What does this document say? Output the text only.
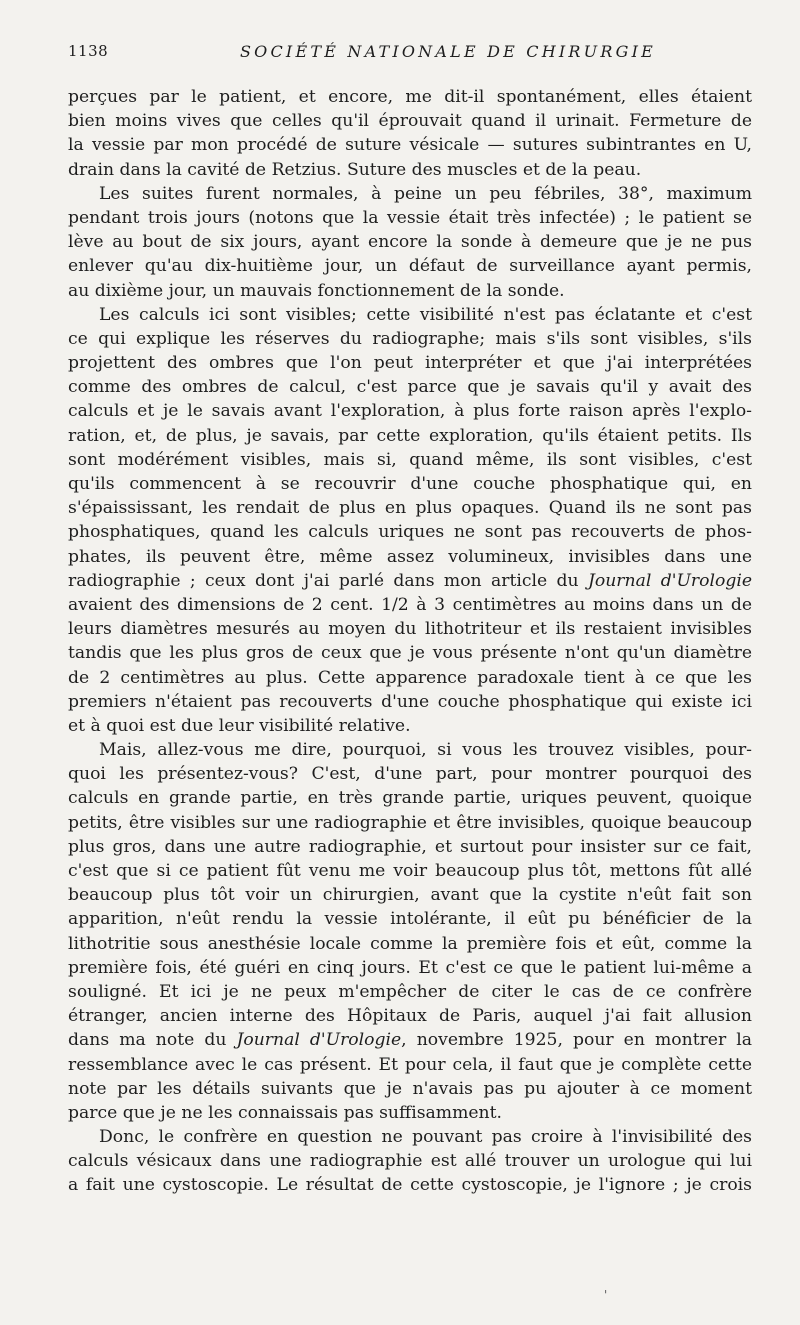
1138	SOCIÉTÉ NATIONALE DE CHIRURGIE
perçues par le patient, et encore, me dit-il spontanément, elles étaient
bien moins vives que celles qu'il éprouvait quand il urinait. Fermeture de
la vessie par mon procédé de suture vésicale — sutures subintrantes en U,
drain dans la cavité de Retzius. Suture des muscles et de la peau.
Les suites furent normales, à peine un peu fébriles, 38°, maximum
pendant trois jours (notons que la vessie était très infectée) ; le patient se
lève au bout de six jours, ayant encore la sonde à demeure que je ne pus
enlever qu'au dix-huitième jour, un défaut de surveillance ayant permis,
au dixième jour, un mauvais fonctionnement de la sonde.
Les calculs ici sont visibles; cette visibilité n'est pas éclatante et c'est
ce qui explique les réserves du radiographe; mais s'ils sont visibles, s'ils
projettent des ombres que l'on peut interpréter et que j'ai interprétées
comme des ombres de calcul, c'est parce que je savais qu'il y avait des
calculs et je le savais avant l'exploration, à plus forte raison après l'explo-
ration, et, de plus, je savais, par cette exploration, qu'ils étaient petits. Ils
sont modérément visibles, mais si, quand même, ils sont visibles, c'est
qu'ils commencent à se recouvrir d'une couche phosphatique qui, en
s'épaississant, les rendait de plus en plus opaques. Quand ils ne sont pas
phosphatiques, quand les calculs uriques ne sont pas recouverts de phos-
phates, ils peuvent être, même assez volumineux, invisibles dans une
radiographie ; ceux dont j'ai parlé dans mon article du Journal d'Urologie
avaient des dimensions de 2 cent. 1/2 à 3 centimètres au moins dans un de
leurs diamètres mesurés au moyen du lithotriteur et ils restaient invisibles
tandis que les plus gros de ceux que je vous présente n'ont qu'un diamètre
de 2 centimètres au plus. Cette apparence paradoxale tient à ce que les
premiers n'étaient pas recouverts d'une couche phosphatique qui existe ici
et à quoi est due leur visibilité relative.
Mais, allez-vous me dire, pourquoi, si vous les trouvez visibles, pour-
quoi les présentez-vous? C'est, d'une part, pour montrer pourquoi des
calculs en grande partie, en très grande partie, uriques peuvent, quoique
petits, être visibles sur une radiographie et être invisibles, quoique beaucoup
plus gros, dans une autre radiographie, et surtout pour insister sur ce fait,
c'est que si ce patient fût venu me voir beaucoup plus tôt, mettons fût allé
beaucoup plus tôt voir un chirurgien, avant que la cystite n'eût fait son
apparition, n'eût rendu la vessie intolérante, il eût pu bénéficier de la
lithotritie sous anesthésie locale comme la première fois et eût, comme la
première fois, été guéri en cinq jours. Et c'est ce que le patient lui-même a
souligné. Et ici je ne peux m'empêcher de citer le cas de ce confrère
étranger, ancien interne des Hôpitaux de Paris, auquel j'ai fait allusion
dans ma note du Journal d'Urologie, novembre 1925, pour en montrer la
ressemblance avec le cas présent. Et pour cela, il faut que je complète cette
note par les détails suivants que je n'avais pas pu ajouter à ce moment
parce que je ne les connaissais pas suffisamment.
Donc, le confrère en question ne pouvant pas croire à l'invisibilité des
calculs vésicaux dans une radiographie est allé trouver un urologue qui lui
a fait une cystoscopie. Le résultat de cette cystoscopie, je l'ignore ; je crois
'
